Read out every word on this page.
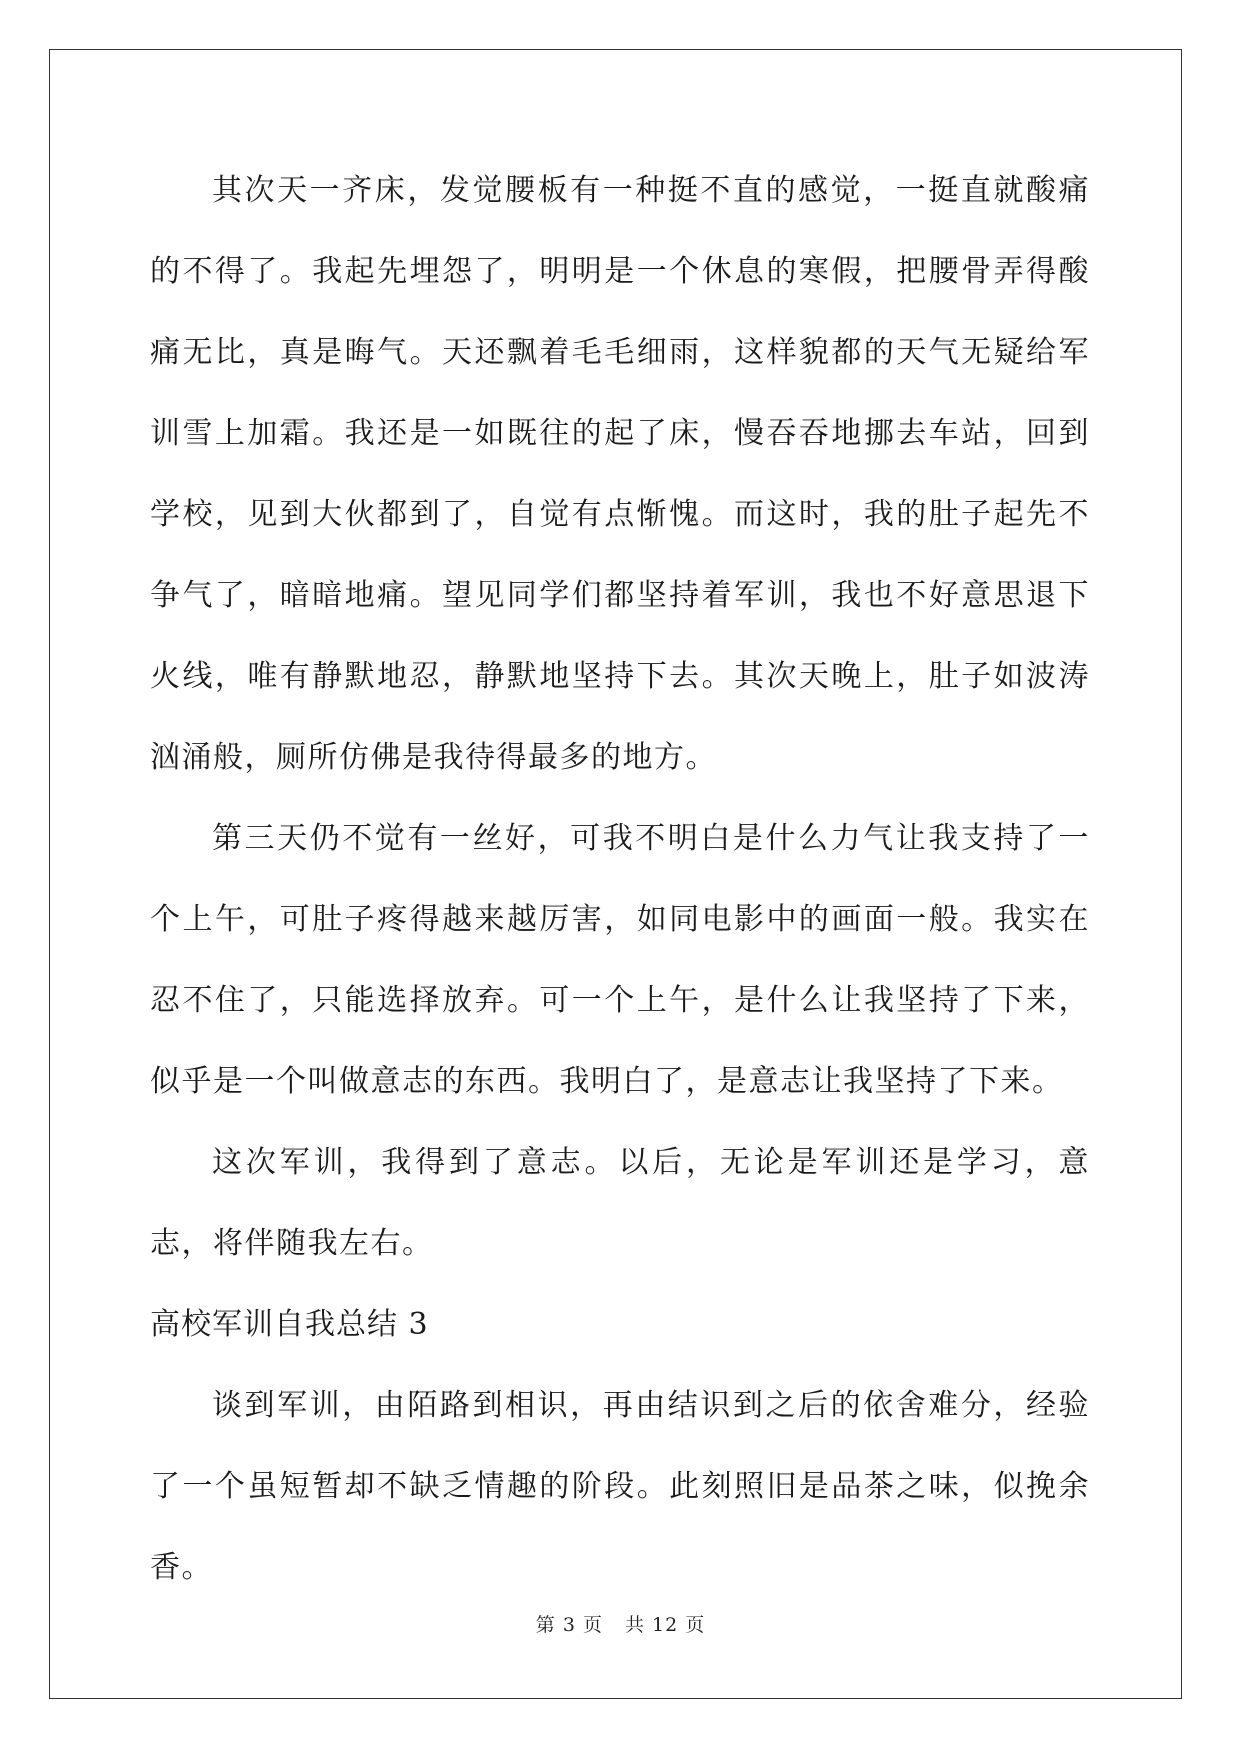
其次天一齐床，发觉腰板有一种挺不直的感觉，一挺直就酸痛的不得了。我起先埋怨了，明明是一个休息的寒假，把腰骨弄得酸痛无比，真是晦气。天还飘着毛毛细雨，这样貌都的天气无疑给军训雪上加霜。我还是一如既往的起了床，慢吞吞地挪去车站，回到学校，见到大伙都到了，自觉有点惭愧。而这时，我的肚子起先不争气了，暗暗地痛。望见同学们都坚持着军训，我也不好意思退下火线，唯有静默地忍，静默地坚持下去。其次天晚上，肚子如波涛汹涌般，厕所仿佛是我待得最多的地方。

第三天仍不觉有一丝好，可我不明白是什么力气让我支持了一个上午，可肚子疼得越来越厉害，如同电影中的画面一般。我实在忍不住了，只能选择放弃。可一个上午，是什么让我坚持了下来，似乎是一个叫做意志的东西。我明白了，是意志让我坚持了下来。

这次军训，我得到了意志。以后，无论是军训还是学习，意志，将伴随我左右。

高校军训自我总结 3

谈到军训，由陌路到相识，再由结识到之后的依舍难分，经验了一个虽短暂却不缺乏情趣的阶段。此刻照旧是品茶之味，似挽余香。

第 3 页 共 12 页
